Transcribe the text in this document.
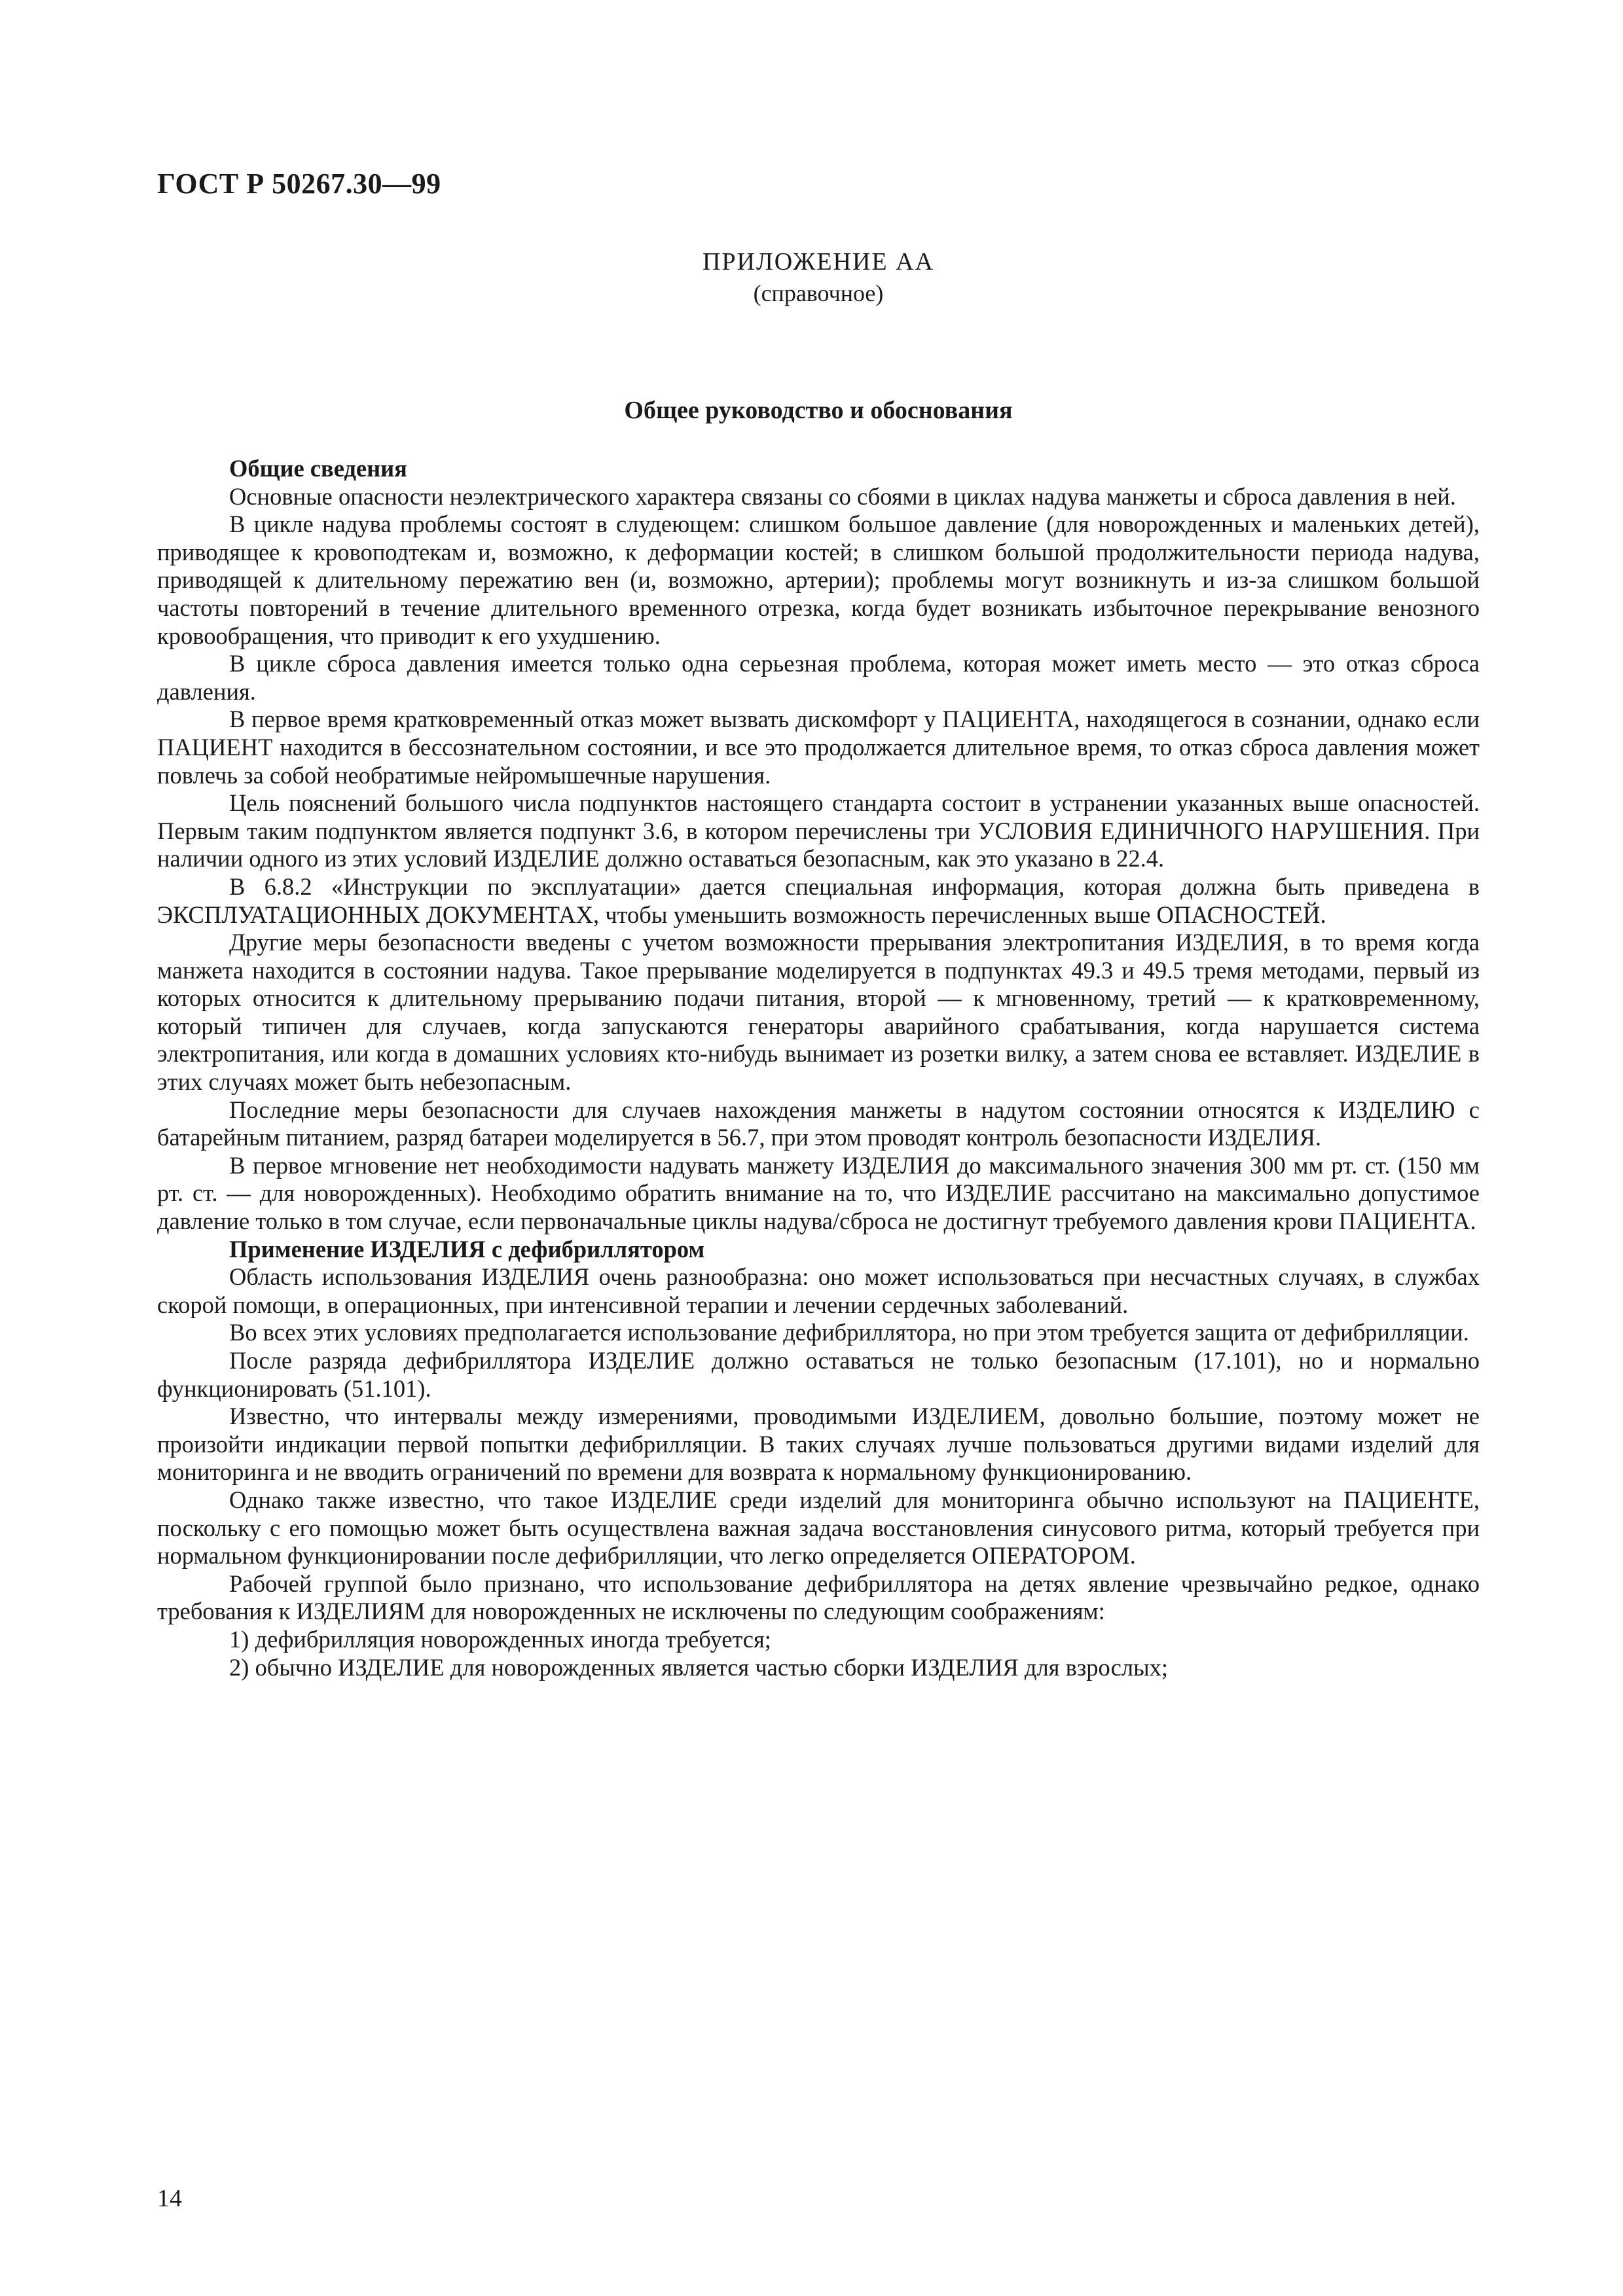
ГОСТ Р 50267.30—99
ПРИЛОЖЕНИЕ АА
(справочное)
Общее руководство и обоснования

Общие сведения

Основные опасности неэлектрического характера связаны со сбоями в циклах надува манжеты и сброса давления в ней.

В цикле надува проблемы состоят в слудеющем: слишком большое давление (для новорожденных и маленьких детей), приводящее к кровоподтекам и, возможно, к деформации костей; в слишком большой продолжительности периода надува, приводящей к длительному пережатию вен (и, возможно, артерии); проблемы могут возникнуть и из-за слишком большой частоты повторений в течение длительного временного отрезка, когда будет возникать избыточное перекрывание венозного кровообращения, что приводит к его ухудшению.

В цикле сброса давления имеется только одна серьезная проблема, которая может иметь место — это отказ сброса давления.

В первое время кратковременный отказ может вызвать дискомфорт у ПАЦИЕНТА, находящегося в сознании, однако если ПАЦИЕНТ находится в бессознательном состоянии, и все это продолжается длительное время, то отказ сброса давления может повлечь за собой необратимые нейромышечные нарушения.

Цель пояснений большого числа подпунктов настоящего стандарта состоит в устранении указанных выше опасностей. Первым таким подпунктом является подпункт 3.6, в котором перечислены три УСЛОВИЯ ЕДИНИЧНОГО НАРУШЕНИЯ. При наличии одного из этих условий ИЗДЕЛИЕ должно оставаться безопасным, как это указано в 22.4.

В 6.8.2 «Инструкции по эксплуатации» дается специальная информация, которая должна быть приведена в ЭКСПЛУАТАЦИОННЫХ ДОКУМЕНТАХ, чтобы уменьшить возможность перечисленных выше ОПАСНОСТЕЙ.

Другие меры безопасности введены с учетом возможности прерывания электропитания ИЗДЕЛИЯ, в то время когда манжета находится в состоянии надува. Такое прерывание моделируется в подпунктах 49.3 и 49.5 тремя методами, первый из которых относится к длительному прерыванию подачи питания, второй — к мгновенному, третий — к кратковременному, который типичен для случаев, когда запускаются генераторы аварийного срабатывания, когда нарушается система электропитания, или когда в домашних условиях кто-нибудь вынимает из розетки вилку, а затем снова ее вставляет. ИЗДЕЛИЕ в этих случаях может быть небезопасным.

Последние меры безопасности для случаев нахождения манжеты в надутом состоянии относятся к ИЗДЕЛИЮ с батарейным питанием, разряд батареи моделируется в 56.7, при этом проводят контроль безопасности ИЗДЕЛИЯ.

В первое мгновение нет необходимости надувать манжету ИЗДЕЛИЯ до максимального значения 300 мм рт. ст. (150 мм рт. ст. — для новорожденных). Необходимо обратить внимание на то, что ИЗДЕЛИЕ рассчитано на максимально допустимое давление только в том случае, если первоначальные циклы надува/сброса не достигнут требуемого давления крови ПАЦИЕНТА.

Применение ИЗДЕЛИЯ с дефибриллятором

Область использования ИЗДЕЛИЯ очень разнообразна: оно может использоваться при несчастных случаях, в службах скорой помощи, в операционных, при интенсивной терапии и лечении сердечных заболеваний.

Во всех этих условиях предполагается использование дефибриллятора, но при этом требуется защита от дефибрилляции.

После разряда дефибриллятора ИЗДЕЛИЕ должно оставаться не только безопасным (17.101), но и нормально функционировать (51.101).

Известно, что интервалы между измерениями, проводимыми ИЗДЕЛИЕМ, довольно большие, поэтому может не произойти индикации первой попытки дефибрилляции. В таких случаях лучше пользоваться другими видами изделий для мониторинга и не вводить ограничений по времени для возврата к нормальному функционированию.

Однако также известно, что такое ИЗДЕЛИЕ среди изделий для мониторинга обычно используют на ПАЦИЕНТЕ, поскольку с его помощью может быть осуществлена важная задача восстановления синусового ритма, который требуется при нормальном функционировании после дефибрилляции, что легко определяется ОПЕРАТОРОМ.

Рабочей группой было признано, что использование дефибриллятора на детях явление чрезвычайно редкое, однако требования к ИЗДЕЛИЯМ для новорожденных не исключены по следующим соображениям:

1) дефибрилляция новорожденных иногда требуется;

2) обычно ИЗДЕЛИЕ для новорожденных является частью сборки ИЗДЕЛИЯ для взрослых;

14
